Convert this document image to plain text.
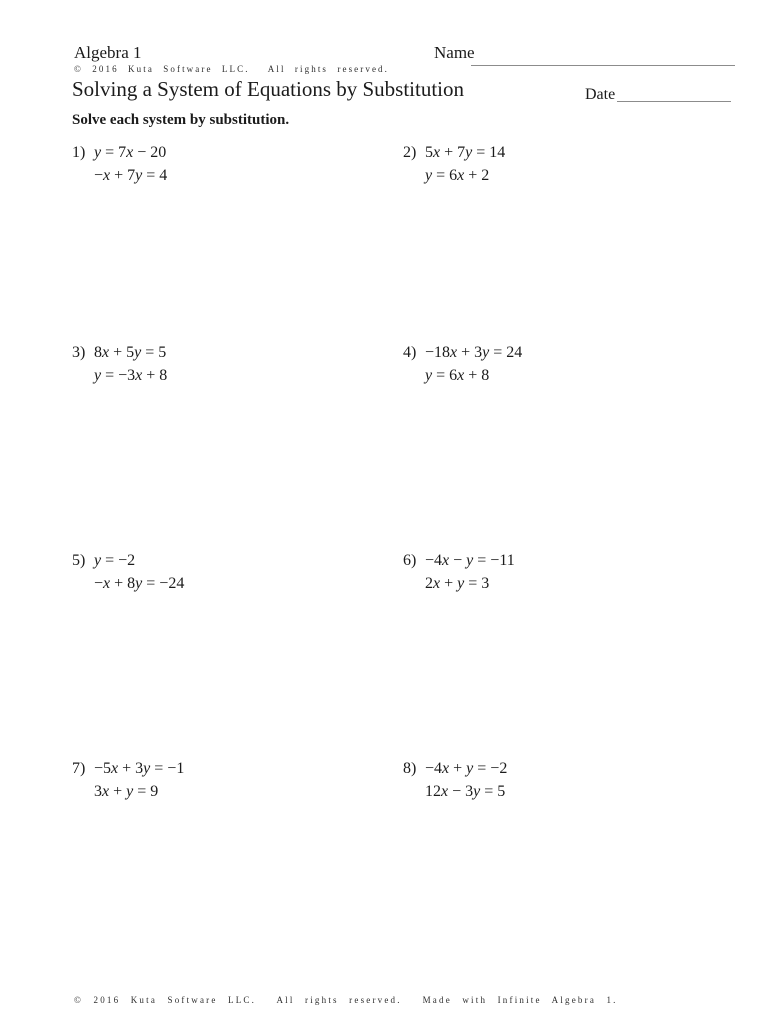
Algebra 1
© 2016 Kuta Software LLC.  All rights reserved.
Name
Solving a System of Equations by Substitution	Date
Solve each system by substitution.
1) y = 7x − 20
−x + 7y = 4
2) 5x + 7y = 14
y = 6x + 2
3) 8x + 5y = 5
y = −3x + 8
4) −18x + 3y = 24
y = 6x + 8
5) y = −2
−x + 8y = −24
6) −4x − y = −11
2x + y = 3
7) −5x + 3y = −1
3x + y = 9
8) −4x + y = −2
12x − 3y = 5
© 2016 Kuta Software LLC.  All rights reserved.  Made with Infinite Algebra 1.
